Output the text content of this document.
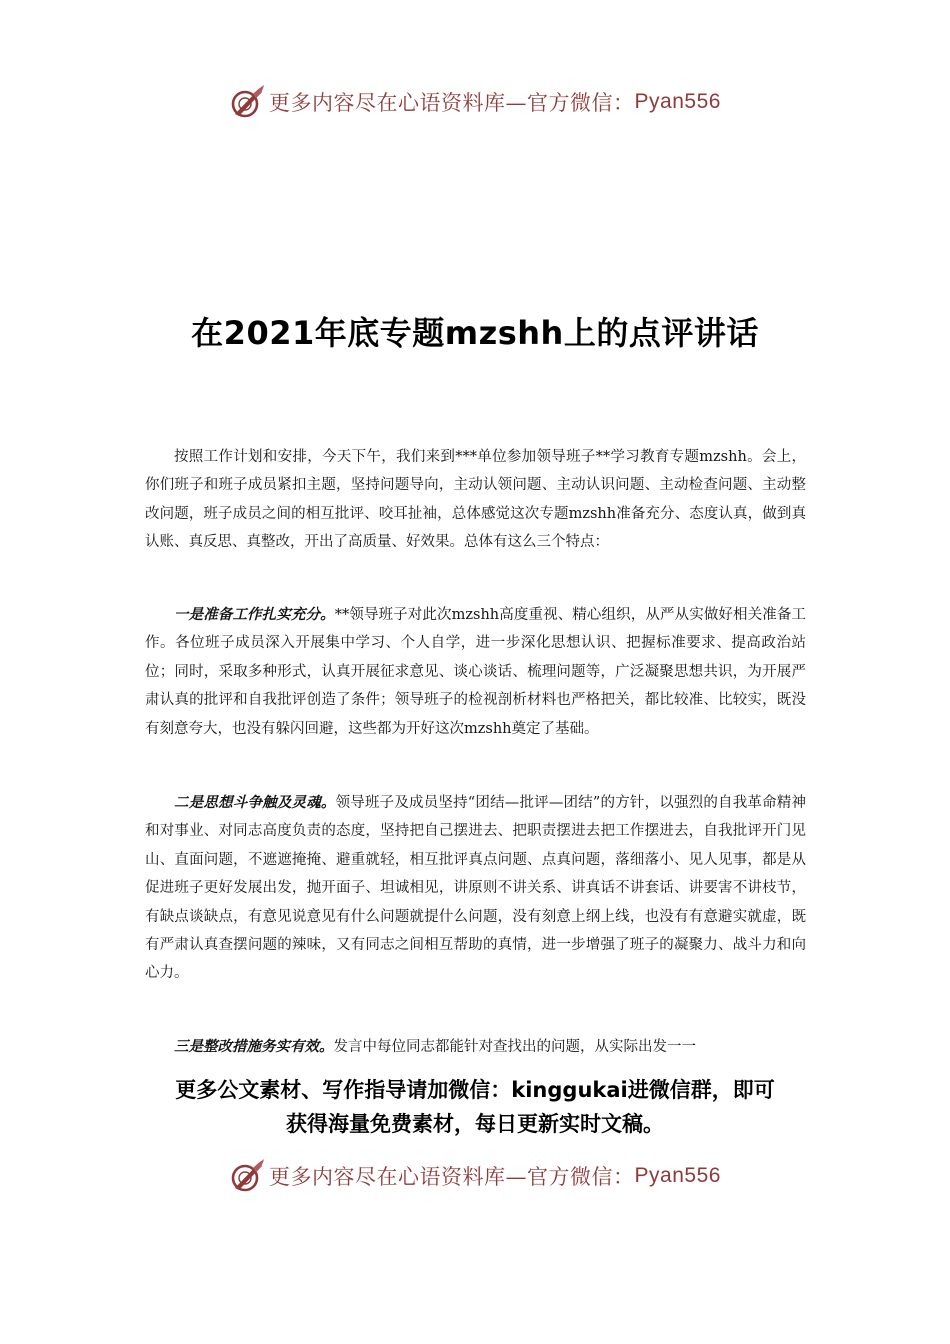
更多内容尽在心语资料库—官方微信： Pyan556
在2021年底专题mzshh上的点评讲话

按照工作计划和安排，今天下午，我们来到***单位参加领导班子**学习教育专题mzshh。会上，你们班子和班子成员紧扣主题，坚持问题导向，主动认领问题、主动认识问题、主动检查问题、主动整改问题，班子成员之间的相互批评、咬耳扯袖，总体感觉这次专题mzshh准备充分、态度认真，做到真认账、真反思、真整改，开出了高质量、好效果。总体有这么三个特点：

一是准备工作扎实充分。**领导班子对此次mzshh高度重视、精心组织，从严从实做好相关准备工作。各位班子成员深入开展集中学习、个人自学，进一步深化思想认识、把握标准要求、提高政治站位；同时，采取多种形式，认真开展征求意见、谈心谈话、梳理问题等，广泛凝聚思想共识，为开展严肃认真的批评和自我批评创造了条件；领导班子的检视剖析材料也严格把关，都比较准、比较实，既没有刻意夸大，也没有躲闪回避，这些都为开好这次mzshh奠定了基础。

二是思想斗争触及灵魂。领导班子及成员坚持“团结—批评—团结”的方针，以强烈的自我革命精神和对事业、对同志高度负责的态度，坚持把自己摆进去、把职责摆进去把工作摆进去，自我批评开门见山、直面问题，不遮遮掩掩、避重就轻，相互批评真点问题、点真问题，落细落小、见人见事，都是从促进班子更好发展出发，抛开面子、坦诚相见，讲原则不讲关系、讲真话不讲套话、讲要害不讲枝节，有缺点谈缺点，有意见说意见有什么问题就提什么问题，没有刻意上纲上线，也没有有意避实就虚，既有严肃认真查摆问题的辣味，又有同志之间相互帮助的真情，进一步增强了班子的凝聚力、战斗力和向心力。

三是整改措施务实有效。发言中每位同志都能针对查找出的问题，从实际出发一一

更多公文素材、写作指导请加微信：kinggukai进微信群，即可
获得海量免费素材，每日更新实时文稿。
更多内容尽在心语资料库—官方微信： Pyan556
